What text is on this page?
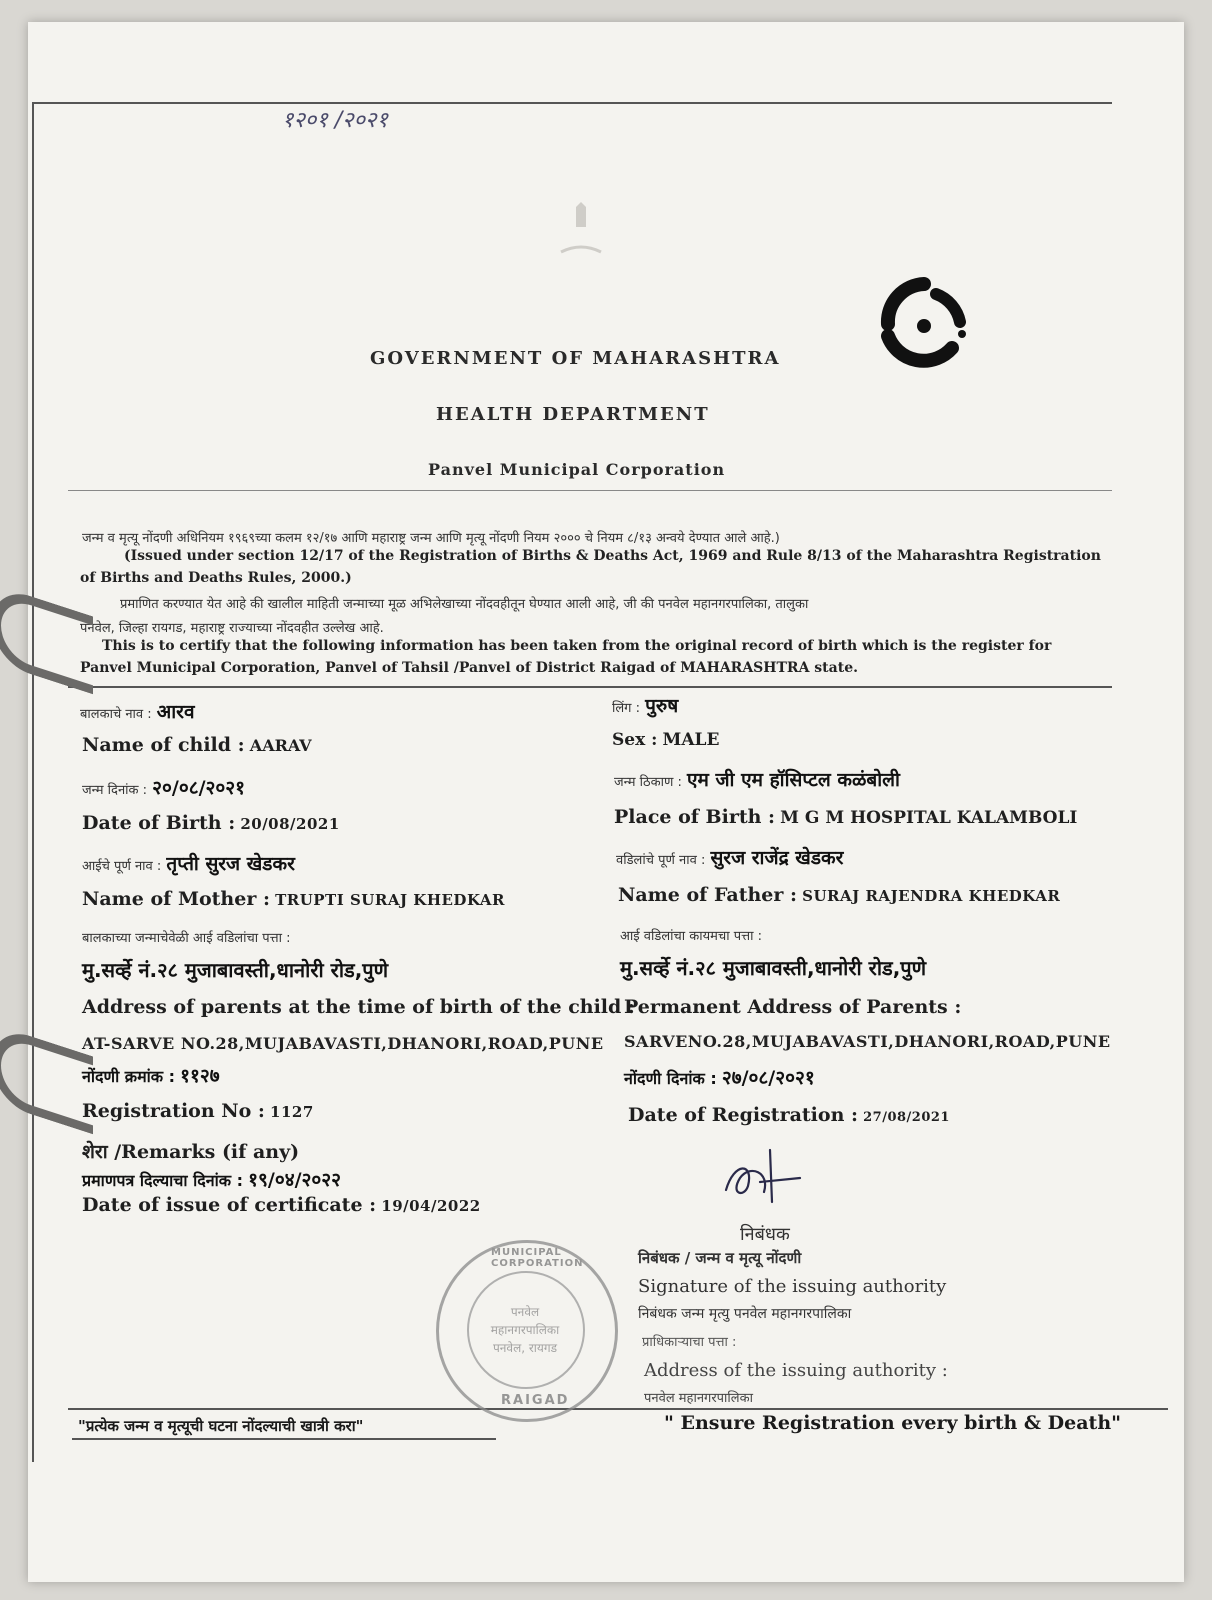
१२०१ /२०२१
GOVERNMENT OF MAHARASHTRA
HEALTH DEPARTMENT
Panvel Municipal Corporation
जन्म व मृत्यू नोंदणी अधिनियम १९६९च्या कलम १२/१७ आणि महाराष्ट्र जन्म आणि मृत्यू नोंदणी नियम २००० चे नियम ८/१३ अन्वये देण्यात आले आहे.)
(Issued under section 12/17 of the Registration of Births & Deaths Act, 1969 and Rule 8/13 of the Maharashtra Registration
of Births and Deaths Rules, 2000.)
प्रमाणित करण्यात येत आहे की खालील माहिती जन्माच्या मूळ अभिलेखाच्या नोंदवहीतून घेण्यात आली आहे, जी की पनवेल महानगरपालिका, तालुका
पनवेल, जिल्हा रायगड, महाराष्ट्र राज्याच्या नोंदवहीत उल्लेख आहे.
This is to certify that the following information has been taken from the original record of birth which is the register for
Panvel Municipal Corporation, Panvel of Tahsil /Panvel of District Raigad of MAHARASHTRA state.
बालकाचे नाव : आरव
Name of child : AARAV
जन्म दिनांक : २०/०८/२०२१
Date of Birth : 20/08/2021
आईचे पूर्ण नाव : तृप्ती सुरज खेडकर
Name of Mother : TRUPTI SURAJ KHEDKAR
बालकाच्या जन्माचेवेळी आई वडिलांचा पत्ता :
मु.सर्व्हे नं.२८ मुजाबावस्ती,धानोरी रोड,पुणे
Address of parents at the time of birth of the child :
AT-SARVE NO.28,MUJABAVASTI,DHANORI,ROAD,PUNE
नोंदणी क्रमांक : ११२७
Registration No : 1127
शेरा /Remarks (if any)
प्रमाणपत्र दिल्याचा दिनांक : १९/०४/२०२२
Date of issue of certificate : 19/04/2022
लिंग : पुरुष
Sex : MALE
जन्म ठिकाण : एम जी एम हॉसिप्टल कळंबोली
Place of Birth : M G M HOSPITAL KALAMBOLI
वडिलांचे पूर्ण नाव : सुरज राजेंद्र खेडकर
Name of Father : SURAJ RAJENDRA KHEDKAR
आई वडिलांचा कायमचा पत्ता :
मु.सर्व्हे नं.२८ मुजाबावस्ती,धानोरी रोड,पुणे
Permanent Address of Parents :
SARVENO.28,MUJABAVASTI,DHANORI,ROAD,PUNE
नोंदणी दिनांक : २७/०८/२०२१
Date of Registration : 27/08/2021
निबंधक
निबंधक / जन्म व मृत्यू नोंदणी
Signature of the issuing authority
निबंधक जन्म मृत्यु पनवेल महानगरपालिका
प्राधिकाऱ्याचा पत्ता :
Address of the issuing authority :
पनवेल महानगरपालिका
MUNICIPAL CORPORATION
पनवेल
महानगरपालिका
पनवेल, रायगड
RAIGAD
"प्रत्येक जन्म व मृत्यूची घटना नोंदल्याची खात्री करा"	" Ensure Registration every birth & Death"
